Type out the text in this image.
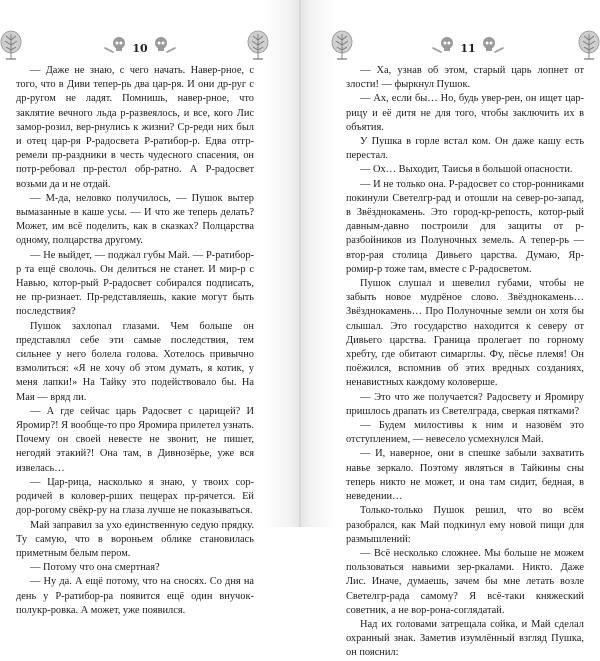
10

— Даже не знаю, с чего начать. Навер-рное, с того, что в Диви тепер-рь два цар-ря. И они др-руг с др-ругом не ладят. Помнишь, навер-рное, что заклятие вечного льда р-развеялось, и все, кого Лис замор-розил, вер-рнулись к жизни? Ср-реди них был и отец цар-ря Р-радосвета Р-ратибор-р. Едва отгр-ремели пр-раздники в честь чудесного спасения, он потр-ребовал пр-рестол обр-ратно. А Р-радосвет возьми да и не отдай.

— М-да, неловко получилось, — Пушок вытер вымазанные в каше усы. — И что же теперь делать? Может, им всё поделить, как в сказках? Полцарства одному, полцарства другому.

— Не выйдет, — поджал губы Май. — Р-ратибор-р та ещё сволочь. Он делиться не станет. И мир-р с Навью, котор-рый Р-радосвет собирался подписать, не пр-ризнает. Пр-редставляешь, какие могут быть последствия?

Пушок захлопал глазами. Чем больше он представлял себе эти самые последствия, тем сильнее у него болела голова. Хотелось привычно взмолиться: «Я не хочу об этом думать, я котик, у меня лапки!» На Тайку это подействовало бы. На Мая — вряд ли.

— А где сейчас царь Радосвет с царицей? И Яромир?! Я вообще-то про Яромира прилетел узнать. Почему он своей невесте не звонит, не пишет, негодяй этакий?! Она там, в Дивнозёрье, уже вся извелась…

— Цар-рица, насколько я знаю, у твоих сор-родичей в коловер-рших пещерах пр-рячется. Ей дор-рогому свёкр-ру на глаза лучше не показываться.

Май заправил за ухо единственную седую прядку. Ту самую, что в вороньем облике становилась приметным белым пером.

— Потому что она смертная?

— Ну да. А ещё потому, что на сносях. Со дня на день у Р-ратибор-ра появится ещё один внучок-полукр-ровка. А может, уже появился.

11

— Ха, узнав об этом, старый царь лопнет от злости! — фыркнул Пушок.

— Ах, если бы… Но, будь увер-рен, он ищет цар-рицу и её дитя не для того, чтобы заключить их в объятия.

У Пушка в горле встал ком. Он даже кашу есть перестал.

— Ох… Выходит, Таисья в большой опасности.

— И не только она. Р-радосвет со стор-ронниками покинули Светелгр-рад и отошли на север-ро-запад, в Звёзднокамень. Это город-кр-репость, котор-рый давным-давно построили для защиты от р-разбойников из Полуночных земель. А тепер-рь — втор-рая столица Дивьего царства. Думаю, Яр-ромир-р тоже там, вместе с Р-радосветом.

Пушок слушал и шевелил губами, чтобы не забыть новое мудрёное слово. Звёзднокамень… Звёзднокамень… Про Полуночные земли он хотя бы слышал. Это государство находится к северу от Дивьего царства. Граница пролегает по горному хребту, где обитают симарглы. Фу, пёсье племя! Он поёжился, вспомнив об этих вредных созданиях, ненавистных каждому коловерше.

— Это что же получается? Радосвету и Яромиру пришлось драпать из Светелграда, сверкая пятками?

— Будем милостивы к ним и назовём это отступлением, — невесело усмехнулся Май.

— И, наверное, они в спешке забыли захватить навье зеркало. Поэтому являться в Тайкины сны теперь никто не может, и она там сидит, бедная, в неведении…

Только-только Пушок решил, что во всём разобрался, как Май подкинул ему новой пищи для размышлений:

— Всё несколько сложнее. Мы больше не можем пользоваться навьими зер-ркалами. Никто. Даже Лис. Иначе, думаешь, зачем бы мне летать возле Светелгр-рада самому? Я всё-таки княжеский советник, а не вор-рона-соглядатай.

Над их головами затрещала сойка, и Май сделал охранный знак. Заметив изумлённый взгляд Пушка, он пояснил:
